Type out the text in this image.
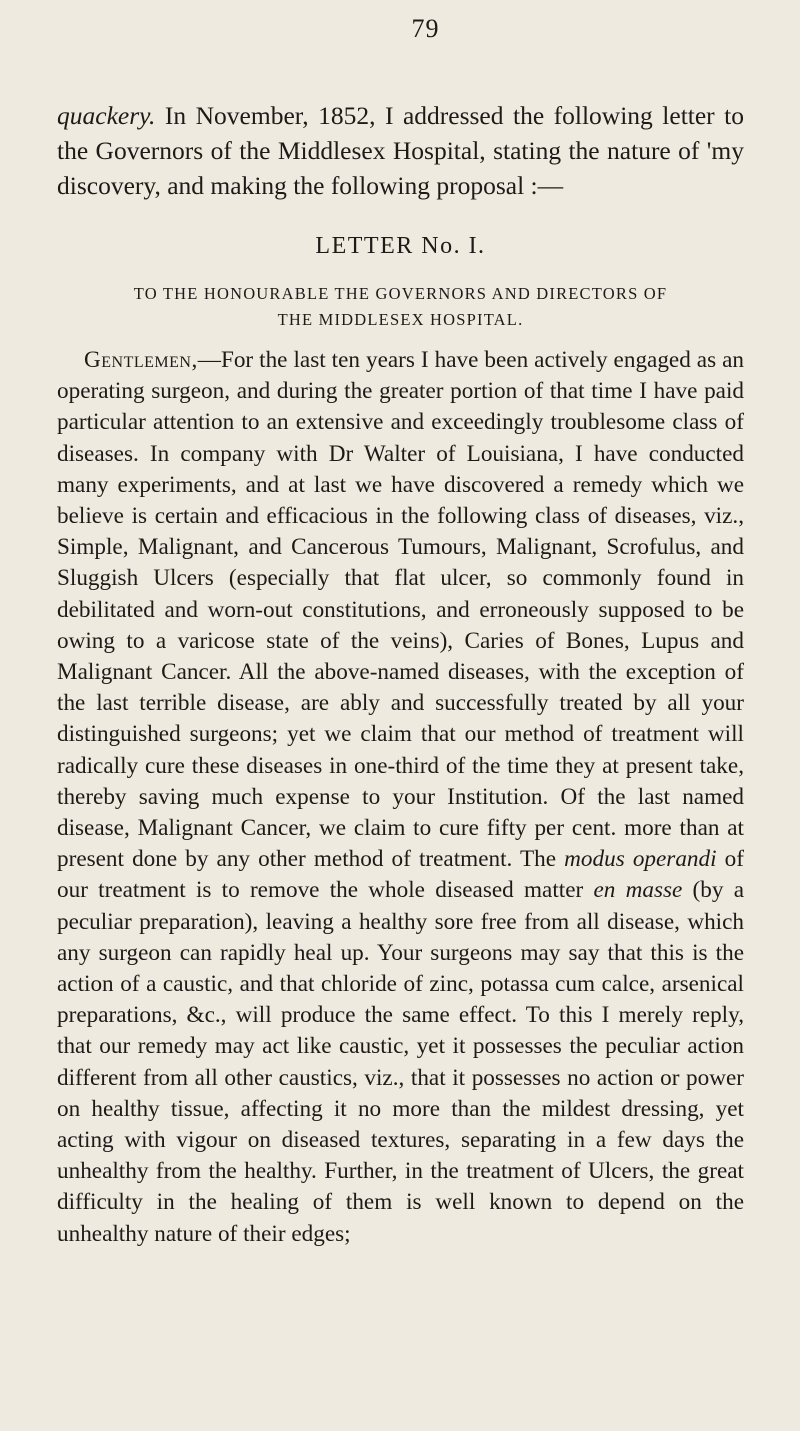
79

quackery. In November, 1852, I addressed the following letter to the Governors of the Middlesex Hospital, stating the nature of 'my discovery, and making the following proposal :—

LETTER No. I.
TO THE HONOURABLE THE GOVERNORS AND DIRECTORS OF
THE MIDDLESEX HOSPITAL.

Gentlemen,—For the last ten years I have been actively engaged as an operating surgeon, and during the greater portion of that time I have paid particular attention to an extensive and exceedingly troublesome class of diseases. In company with Dr Walter of Louisiana, I have conducted many experiments, and at last we have discovered a remedy which we believe is certain and efficacious in the following class of diseases, viz., Simple, Malignant, and Cancerous Tumours, Malignant, Scrofulus, and Sluggish Ulcers (especially that flat ulcer, so commonly found in debilitated and worn-out constitutions, and erroneously supposed to be owing to a varicose state of the veins), Caries of Bones, Lupus and Malignant Cancer. All the above-named diseases, with the exception of the last terrible disease, are ably and successfully treated by all your distinguished surgeons; yet we claim that our method of treatment will radically cure these diseases in one-third of the time they at present take, thereby saving much expense to your Institution. Of the last named disease, Malignant Cancer, we claim to cure fifty per cent. more than at present done by any other method of treatment. The modus operandi of our treatment is to remove the whole diseased matter en masse (by a peculiar preparation), leaving a healthy sore free from all disease, which any surgeon can rapidly heal up. Your surgeons may say that this is the action of a caustic, and that chloride of zinc, potassa cum calce, arsenical preparations, &c., will produce the same effect. To this I merely reply, that our remedy may act like caustic, yet it possesses the peculiar action different from all other caustics, viz., that it possesses no action or power on healthy tissue, affecting it no more than the mildest dressing, yet acting with vigour on diseased textures, separating in a few days the unhealthy from the healthy. Further, in the treatment of Ulcers, the great difficulty in the healing of them is well known to depend on the unhealthy nature of their edges;
